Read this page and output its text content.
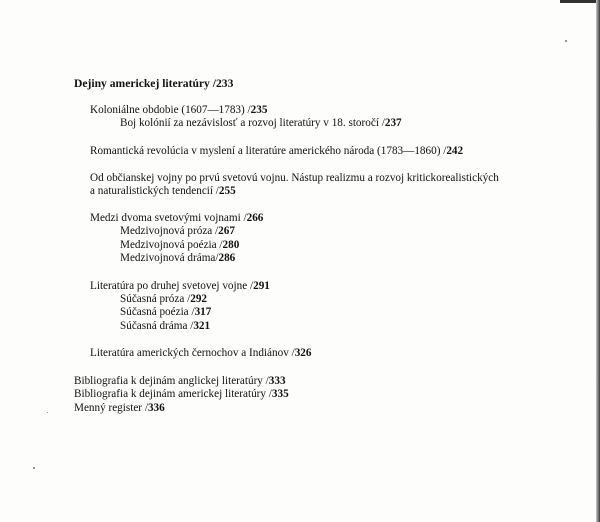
Dejiny americkej literatúry /233
Koloniálne obdobie (1607—1783) /235
Boj kolónií za nezávislosť a rozvoj literatúry v 18. storočí /237
Romantická revolúcia v myslení a literatúre amerického národa (1783—1860) /242
Od občianskej vojny po prvú svetovú vojnu. Nástup realizmu a rozvoj kritickorealistických
a naturalistických tendencií /255
Medzi dvoma svetovými vojnami /266
Medzivojnová próza /267
Medzivojnová poézia /280
Medzivojnová dráma/286
Literatúra po druhej svetovej vojne /291
Súčasná próza /292
Súčasná poézia /317
Súčasná dráma /321
Literatúra amerických černochov a Indiánov /326
Bibliografia k dejinám anglickej literatúry /333
Bibliografia k dejinám americkej literatúry /335
Menný register /336
